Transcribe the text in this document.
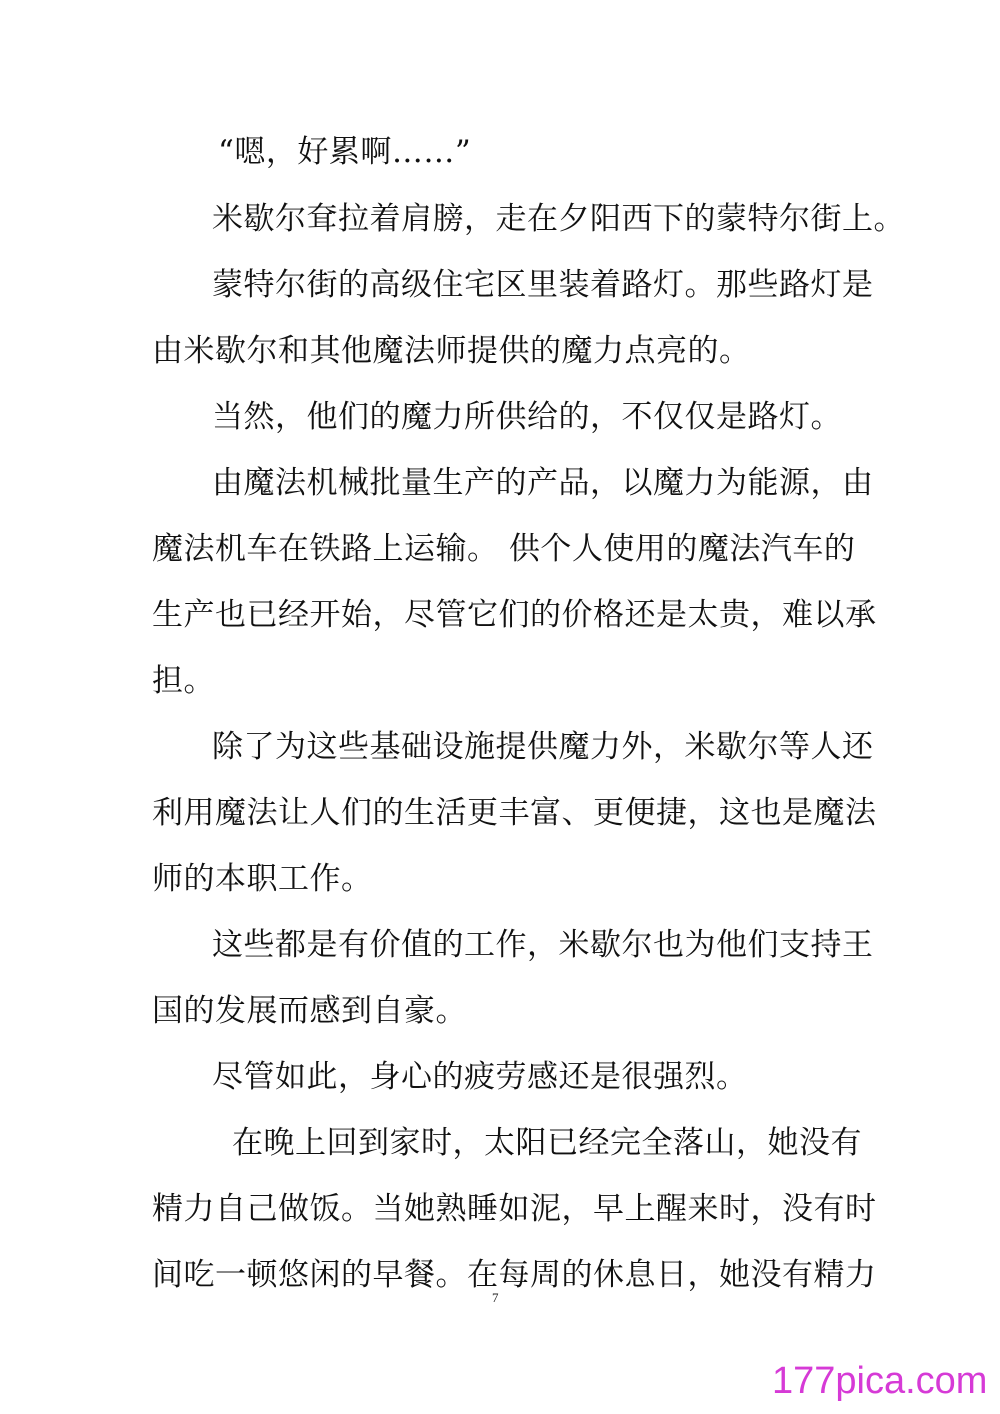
“嗯，好累啊……”
米歇尔耷拉着肩膀，走在夕阳西下的蒙特尔街上。
蒙特尔街的高级住宅区里装着路灯。那些路灯是
由米歇尔和其他魔法师提供的魔力点亮的。
当然，他们的魔力所供给的，不仅仅是路灯。
由魔法机械批量生产的产品，以魔力为能源，由
魔法机车在铁路上运输。 供个人使用的魔法汽车的
生产也已经开始，尽管它们的价格还是太贵，难以承
担。
除了为这些基础设施提供魔力外，米歇尔等人还
利用魔法让人们的生活更丰富、更便捷，这也是魔法
师的本职工作。
这些都是有价值的工作，米歇尔也为他们支持王
国的发展而感到自豪。
尽管如此，身心的疲劳感还是很强烈。
在晚上回到家时，太阳已经完全落山，她没有
精力自己做饭。当她熟睡如泥，早上醒来时，没有时
间吃一顿悠闲的早餐。在每周的休息日，她没有精力
7
177pica.com
